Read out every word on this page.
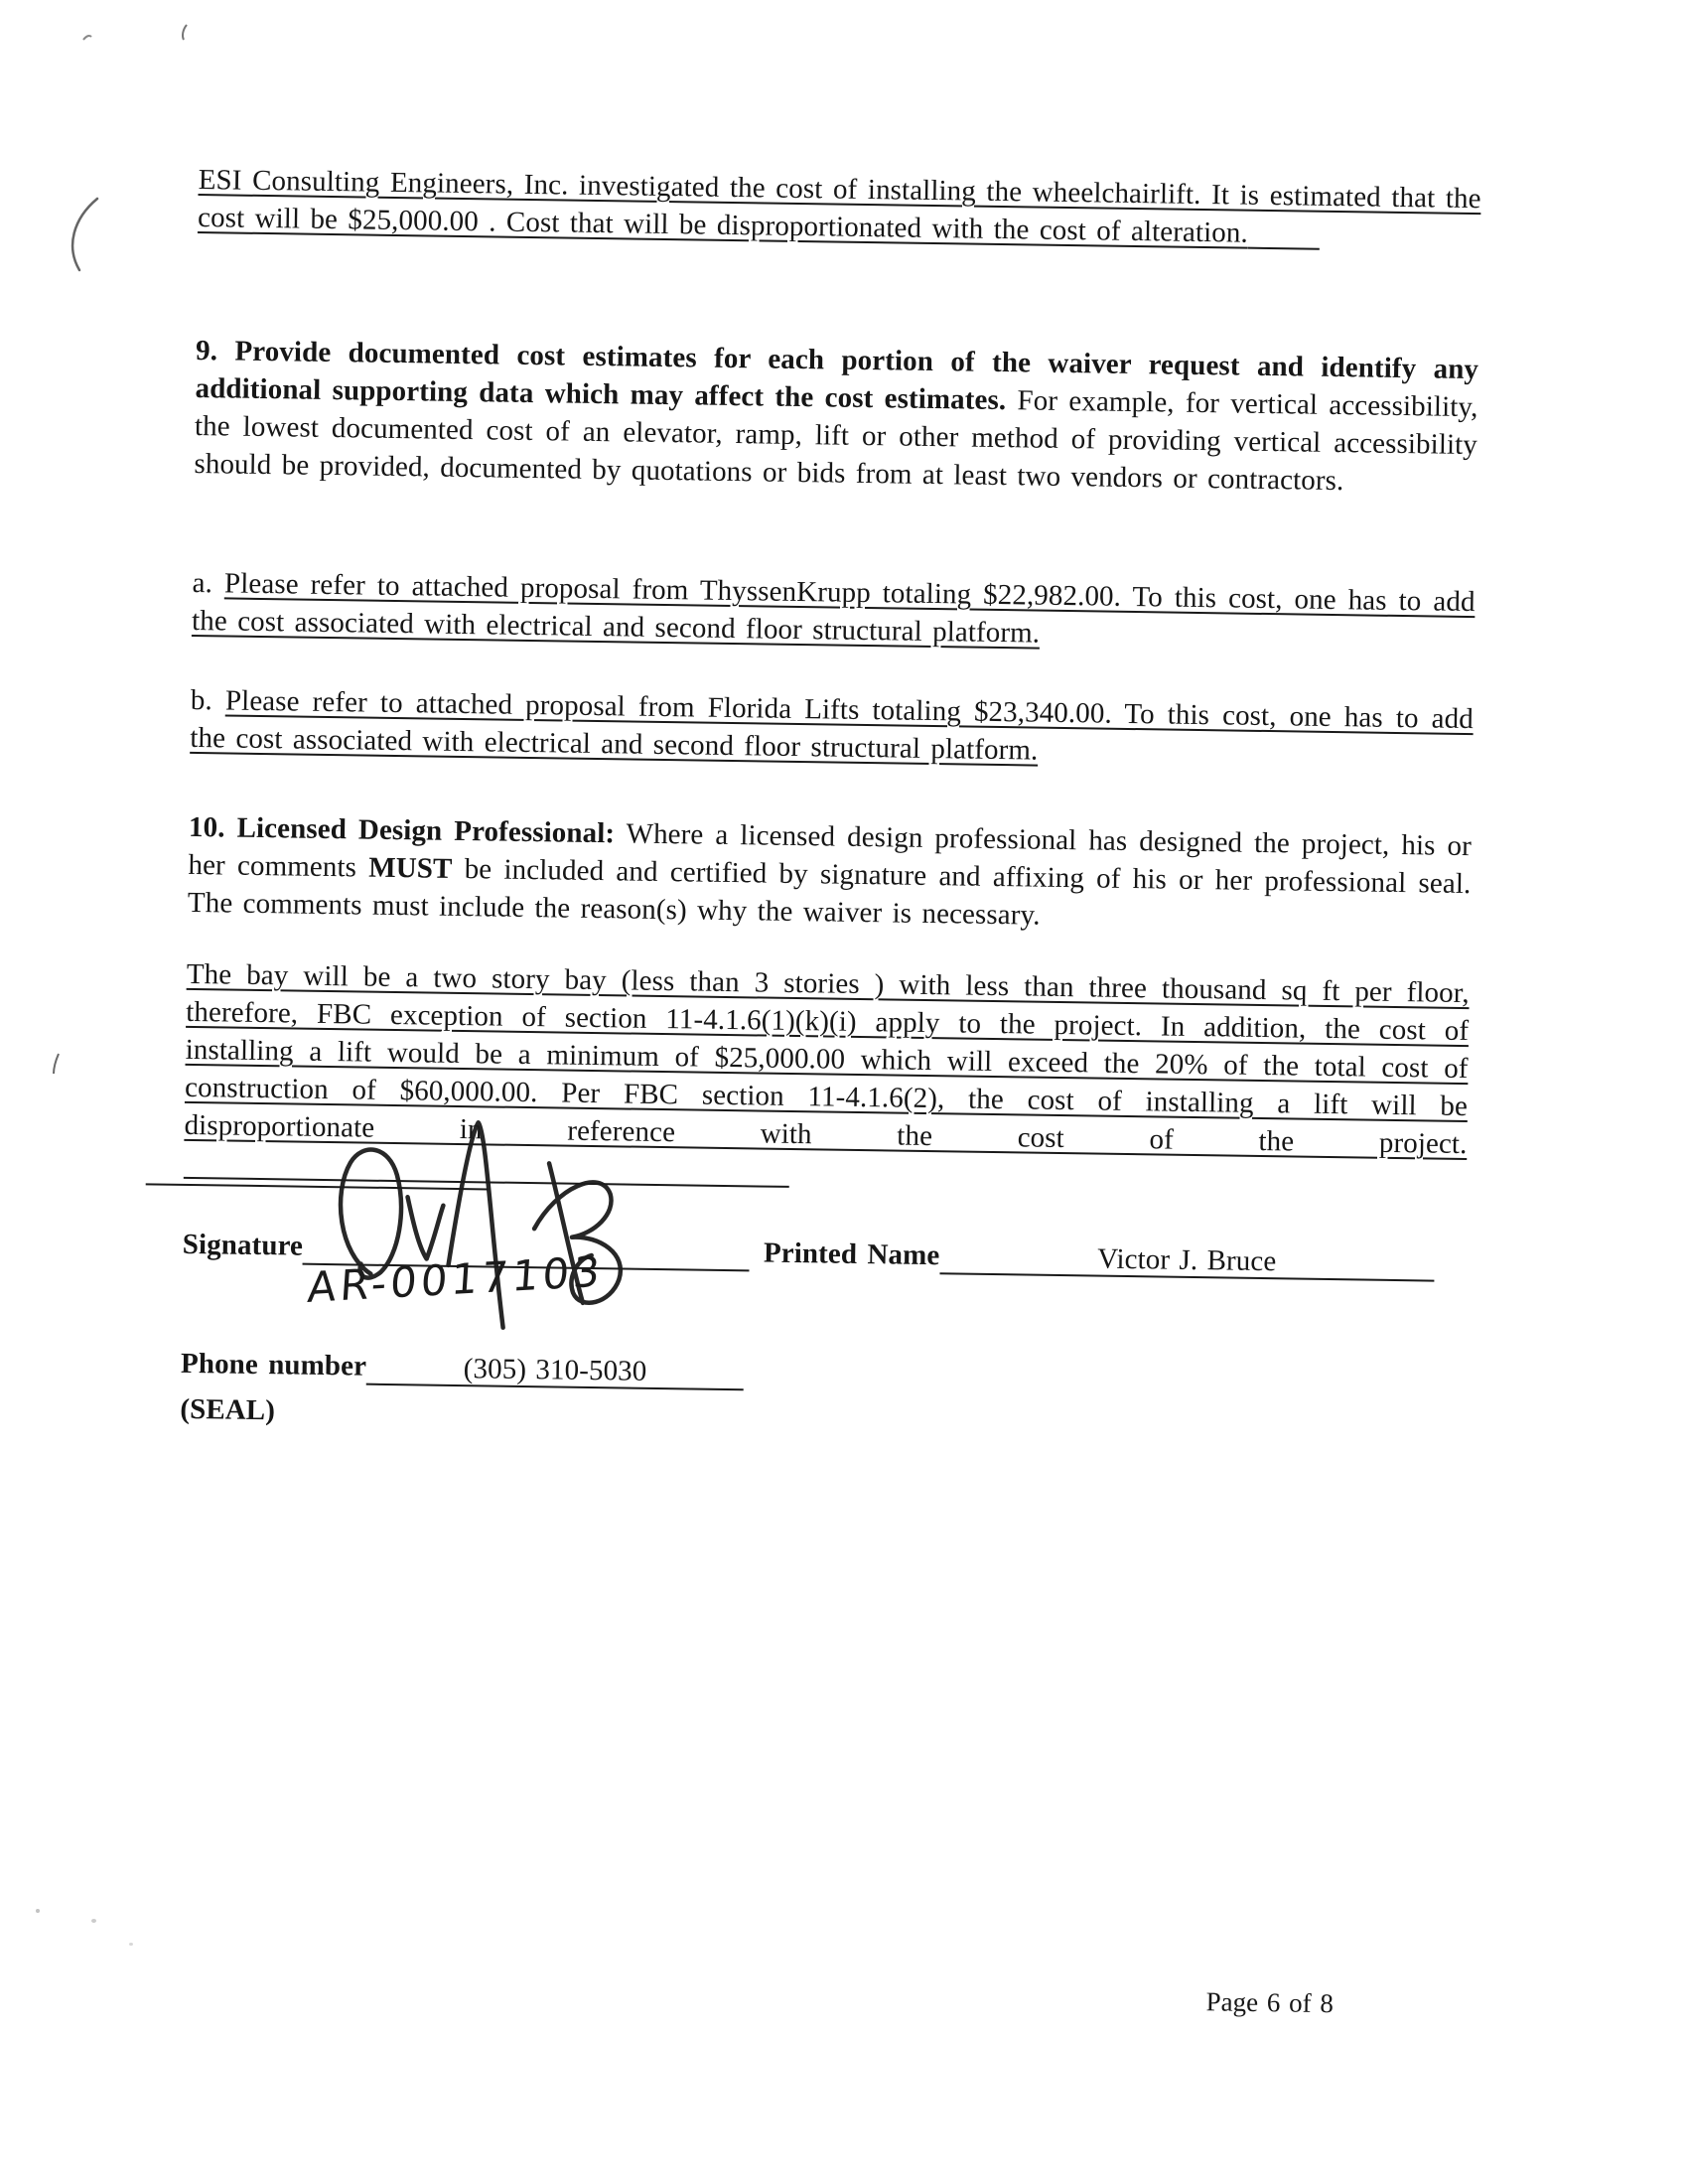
ESI Consulting Engineers, Inc. investigated the cost of installing the wheelchairlift. It is estimated that the cost will be $25,000.00 . Cost that will be disproportionated with the cost of alteration.
9. Provide documented cost estimates for each portion of the waiver request and identify any additional supporting data which may affect the cost estimates. For example, for vertical accessibility, the lowest documented cost of an elevator, ramp, lift or other method of providing vertical accessibility should be provided, documented by quotations or bids from at least two vendors or contractors.
a. Please refer to attached proposal from ThyssenKrupp totaling $22,982.00. To this cost, one has to add the cost associated with electrical and second floor structural platform.
b. Please refer to attached proposal from Florida Lifts totaling $23,340.00. To this cost, one has to add the cost associated with electrical and second floor structural platform.
10. Licensed Design Professional: Where a licensed design professional has designed the project, his or her comments MUST be included and certified by signature and affixing of his or her professional seal. The comments must include the reason(s) why the waiver is necessary.
The bay will be a two story bay (less than 3 stories ) with less than three thousand sq ft per floor, therefore, FBC exception of section 11-4.1.6(1)(k)(i) apply to the project. In addition, the cost of installing a lift would be a minimum of $25,000.00 which will exceed the 20% of the total cost of construction of $60,000.00. Per FBC section 11-4.1.6(2), the cost of installing a lift will be disproportionate in reference with the cost of the project.
Signature	Printed Name	Victor J. Bruce
AR-0017103
Phone number	(305) 310-5030
(SEAL)
Page 6 of 8
